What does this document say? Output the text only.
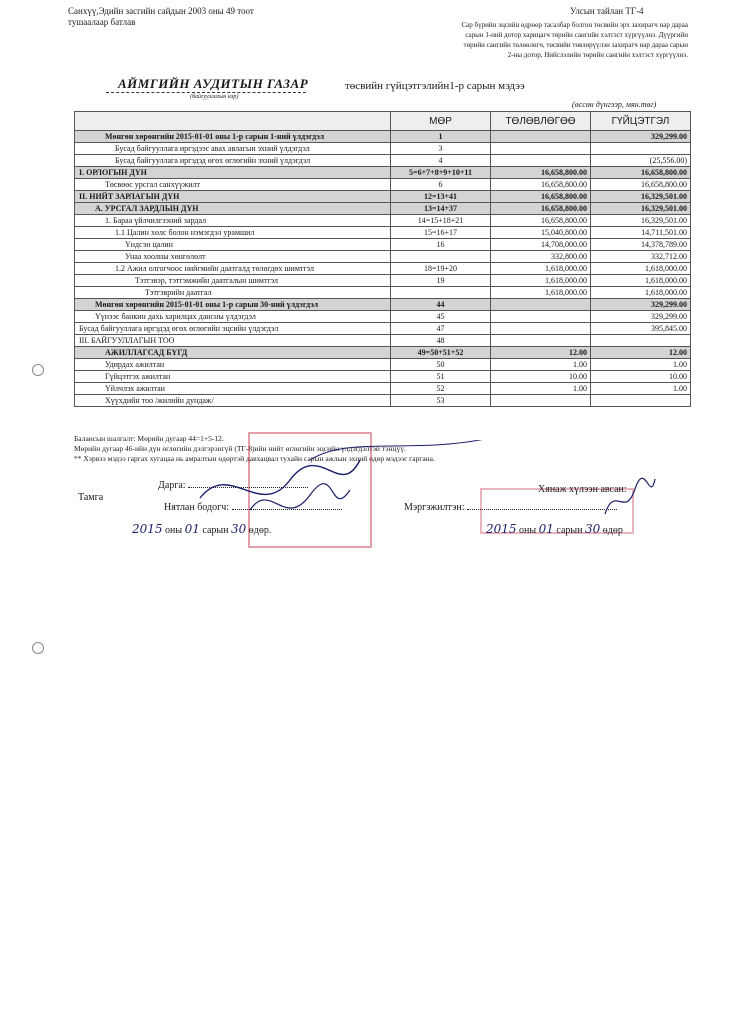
Санхүү,Эдийн засгийн сайдын 2003 оны 49 тоот
тушаалаар батлав
Улсын тайлан ТГ-4
Сар бүрийн эцсийн өдрөөр тасалбар болгон төсвийн эрх захирагч нар дараа
сарын 1-ний дотор харицагч төрийн сангийн хэлтэст хүргүүлнэ. Дүүргийн
төрийн сангийн төлөөлөгч, төсвийн төвлөрүүлэн захирагч нар дараа сарын
2-ны дотор, Нийслэлийн төрийн сангийн хэлтэст хүргүүлнэ.
АЙМГИЙН АУДИТЫН ГАЗАР
(байгууллагын нэр)
төсвийн гүйцэтгэлийн1-р сарын мэдээ
(өссөн дүнгээр, мян.төг)
	МӨР	ТӨЛӨВЛӨГӨӨ	ГҮЙЦЭТГЭЛ
Мөнгөн хөрөнгийн 2015-01-01 оны 1-р сарын 1-ний үлдэгдэл	1		329,299.00
Бусад байгууллага иргэдээс авах авлагын эхний үлдэгдэл	3		
Бусад байгууллага иргэдэд өгөх өглөгийн эхний үлдэгдэл	4		(25,556.00)
I. ОРЛОГЫН ДҮН	5=6+7+8+9+10+11	16,658,800.00	16,658,800.00
Төсвөөс урсгал санхүүжилт	6	16,658,800.00	16,658,800.00
II. НИЙТ ЗАРЛАГЫН ДҮН	12=13+41	16,658,800.00	16,329,501.00
А. УРСГАЛ ЗАРДЛЫН ДҮН	13=14+37	16,658,800.00	16,329,501.00
1. Бараа үйлчилгээний зардал	14=15+18+21	16,658,800.00	16,329,501.00
1.1 Цалин хөлс болон нэмэгдэл урамшил	15=16+17	15,040,800.00	14,711,501.00
Үндсэн цалин	16	14,708,000.00	14,378,789.00
Унаа хоолны хөнгөлөлт		332,800.00	332,712.00
1.2 Ажил олгогчоос нийгмийн даатгалд төлөгдөх шимтгэл	18=19+20	1,618,000.00	1,618,000.00
Тэтгэвэр, тэтгэмжийн даатгалын шимтгэл	19	1,618,000.00	1,618,000.00
Тэтгэврийн даатгал		1,618,000.00	1,618,000.00
Мөнгөн хөрөнгийн 2015-01-01 оны 1-р сарын 30-ний үлдэгдэл	44		329,299.00
Үүнээс банкин дахь харилцах дансны үлдэгдэл	45		329,299.00
Бусад байгууллага иргэдэд өгөх өглөгийн эцсийн үлдэгдэл	47		395,845.00
III. БАЙГУУЛЛАГЫН ТОО	48		
АЖИЛЛАГСАД БҮГД	49=50+51+52	12.00	12.00
Удирдах ажилтан	50	1.00	1.00
Гүйцэтгэх ажилтан	51	10.00	10.00
Үйлчлэх ажилтан	52	1.00	1.00
Хүүхдийн тоо /жилийн дундаж/	53		
Балансын шалгалт: Мөрийн дугаар 44=1+5-12.
Мөрийн дугаар 46-ийн дүн өглөгийн дэлгэрэнгүй (ТГ-8)ийн нийт өглөгийн эцсийн үлдэгдэлтэй тэнцүү.
** Хэрвээ мэдээ гаргах хугацаа нь амралтын өдөртэй давхацвал тухайн сарын ажлын эхний өдөр мэдээг гаргана.
Тамга
Дарга:
Нятлан бодогч:
2015 оны 01 сарын 30 өдөр.
Хянаж хүлээн авсан:
Мэргэжилтэн:
2015 оны 01 сарын 30 өдөр
